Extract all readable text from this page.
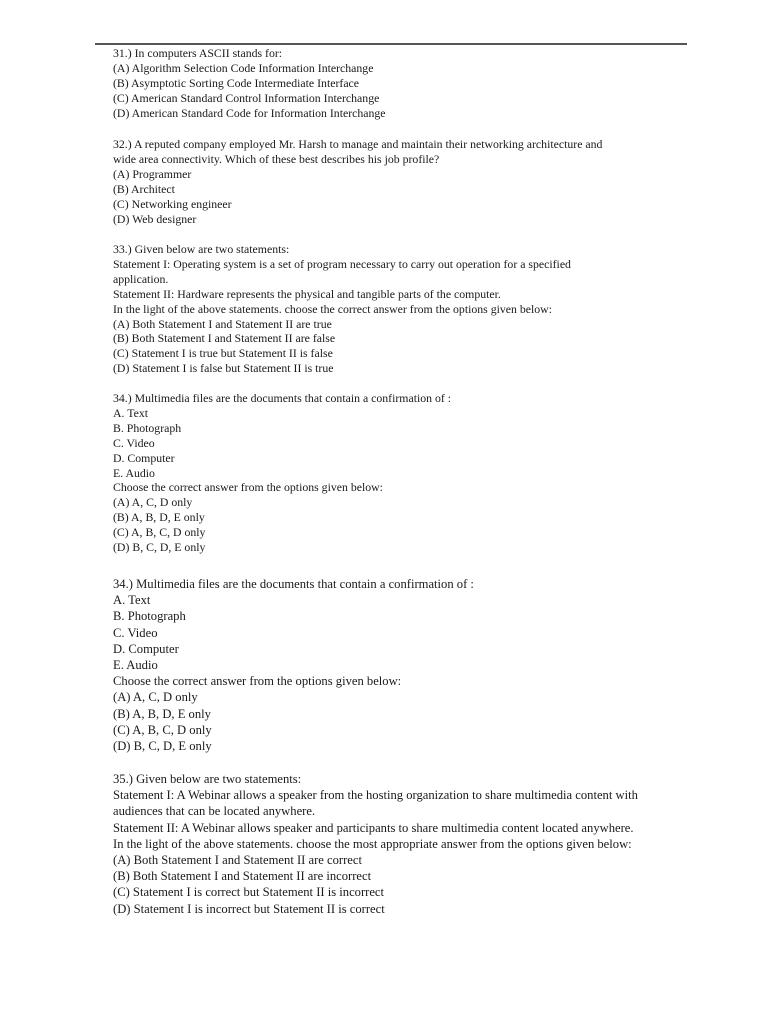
31.) In computers ASCII stands for:
(A) Algorithm Selection Code Information Interchange
(B) Asymptotic Sorting Code Intermediate Interface
(C) American Standard Control Information Interchange
(D) American Standard Code for Information Interchange
32.) A reputed company employed Mr. Harsh to manage and maintain their networking architecture and
wide area connectivity. Which of these best describes his job profile?
(A) Programmer
(B) Architect
(C) Networking engineer
(D) Web designer
33.) Given below are two statements:
Statement I: Operating system is a set of program necessary to carry out operation for a specified
application.
Statement II: Hardware represents the physical and tangible parts of the computer.
In the light of the above statements. choose the correct answer from the options given below:
(A) Both Statement I and Statement II are true
(B) Both Statement I and Statement II are false
(C) Statement I is true but Statement II is false
(D) Statement I is false but Statement II is true
34.) Multimedia files are the documents that contain a confirmation of :
A. Text
B. Photograph
C. Video
D. Computer
E. Audio
Choose the correct answer from the options given below:
(A) A, C, D only
(B) A, B, D, E only
(C) A, B, C, D only
(D) B, C, D, E only
34.) Multimedia files are the documents that contain a confirmation of :
A. Text
B. Photograph
C. Video
D. Computer
E. Audio
Choose the correct answer from the options given below:
(A) A, C, D only
(B) A, B, D, E only
(C) A, B, C, D only
(D) B, C, D, E only
35.) Given below are two statements:
Statement I: A Webinar allows a speaker from the hosting organization to share multimedia content with
audiences that can be located anywhere.
Statement II: A Webinar allows speaker and participants to share multimedia content located anywhere.
In the light of the above statements. choose the most appropriate answer from the options given below:
(A) Both Statement I and Statement II are correct
(B) Both Statement I and Statement II are incorrect
(C) Statement I is correct but Statement II is incorrect
(D) Statement I is incorrect but Statement II is correct
